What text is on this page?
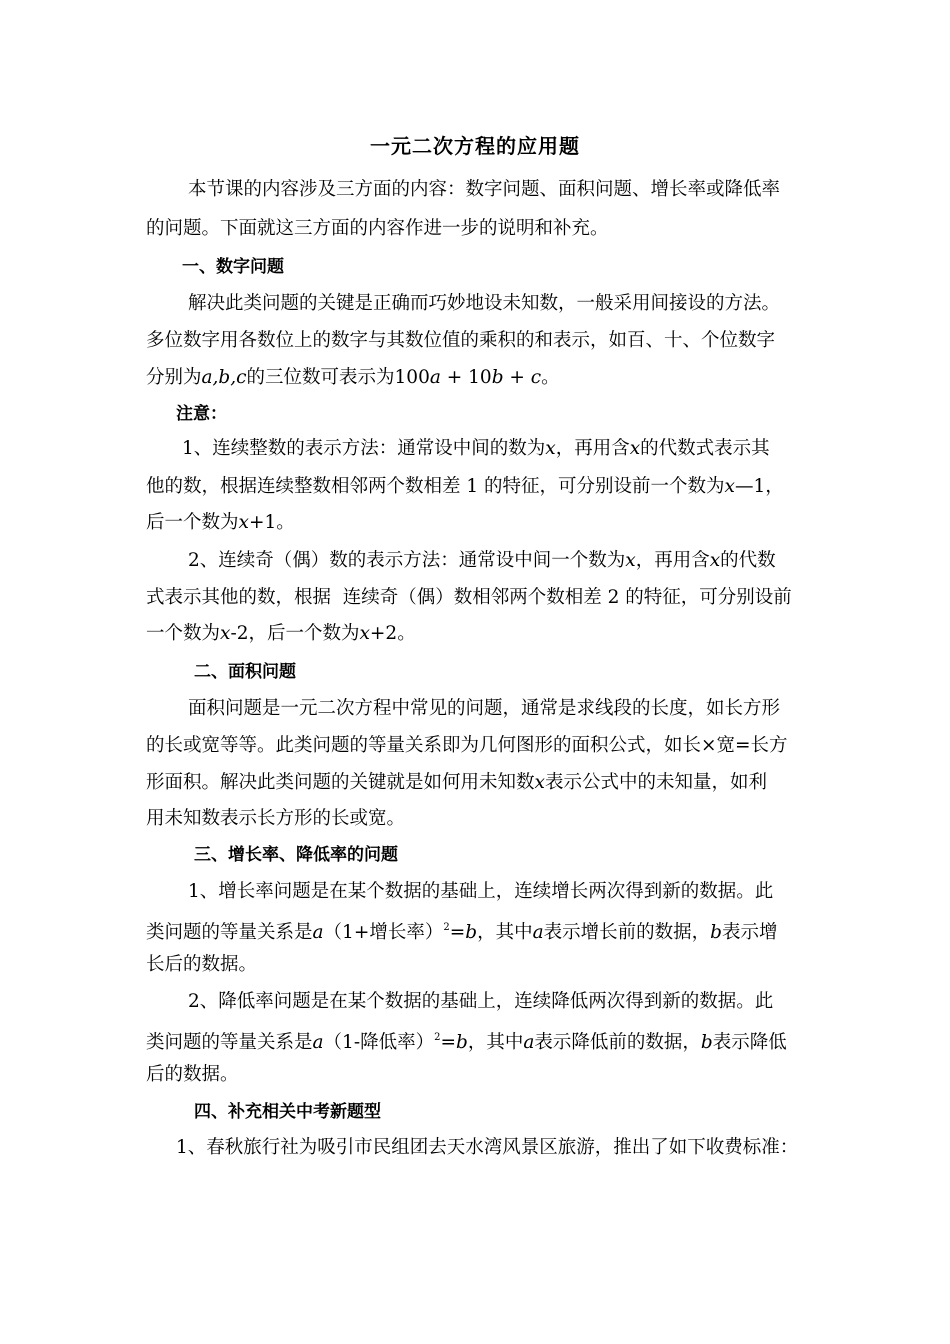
一元二次方程的应用题
本节课的内容涉及三方面的内容：数字问题、面积问题、增长率或降低率
的问题。下面就这三方面的内容作进一步的说明和补充。
一、数字问题
解决此类问题的关键是正确而巧妙地设未知数，一般采用间接设的方法。
多位数字用各数位上的数字与其数位值的乘积的和表示，如百、十、个位数字
分别为a,b,c的三位数可表示为100a + 10b + c。
注意：
1、连续整数的表示方法：通常设中间的数为x，再用含x的代数式表示其
他的数，根据连续整数相邻两个数相差 1 的特征，可分别设前一个数为x—1，
后一个数为x+1。
2、连续奇（偶）数的表示方法：通常设中间一个数为x，再用含x的代数
式表示其他的数，根据  连续奇（偶）数相邻两个数相差 2 的特征，可分别设前
一个数为x-2，后一个数为x+2。
二、面积问题
面积问题是一元二次方程中常见的问题，通常是求线段的长度，如长方形
的长或宽等等。此类问题的等量关系即为几何图形的面积公式，如长×宽=长方
形面积。解决此类问题的关键就是如何用未知数x表示公式中的未知量，如利
用未知数表示长方形的长或宽。
三、增长率、降低率的问题
1、增长率问题是在某个数据的基础上，连续增长两次得到新的数据。此
类问题的等量关系是a（1+增长率）$^2$=b，其中a表示增长前的数据，b表示增
长后的数据。
2、降低率问题是在某个数据的基础上，连续降低两次得到新的数据。此
类问题的等量关系是a（1-降低率）$^2$=b，其中a表示降低前的数据，b表示降低
后的数据。
四、补充相关中考新题型
1、春秋旅行社为吸引市民组团去天水湾风景区旅游，推出了如下收费标准：
